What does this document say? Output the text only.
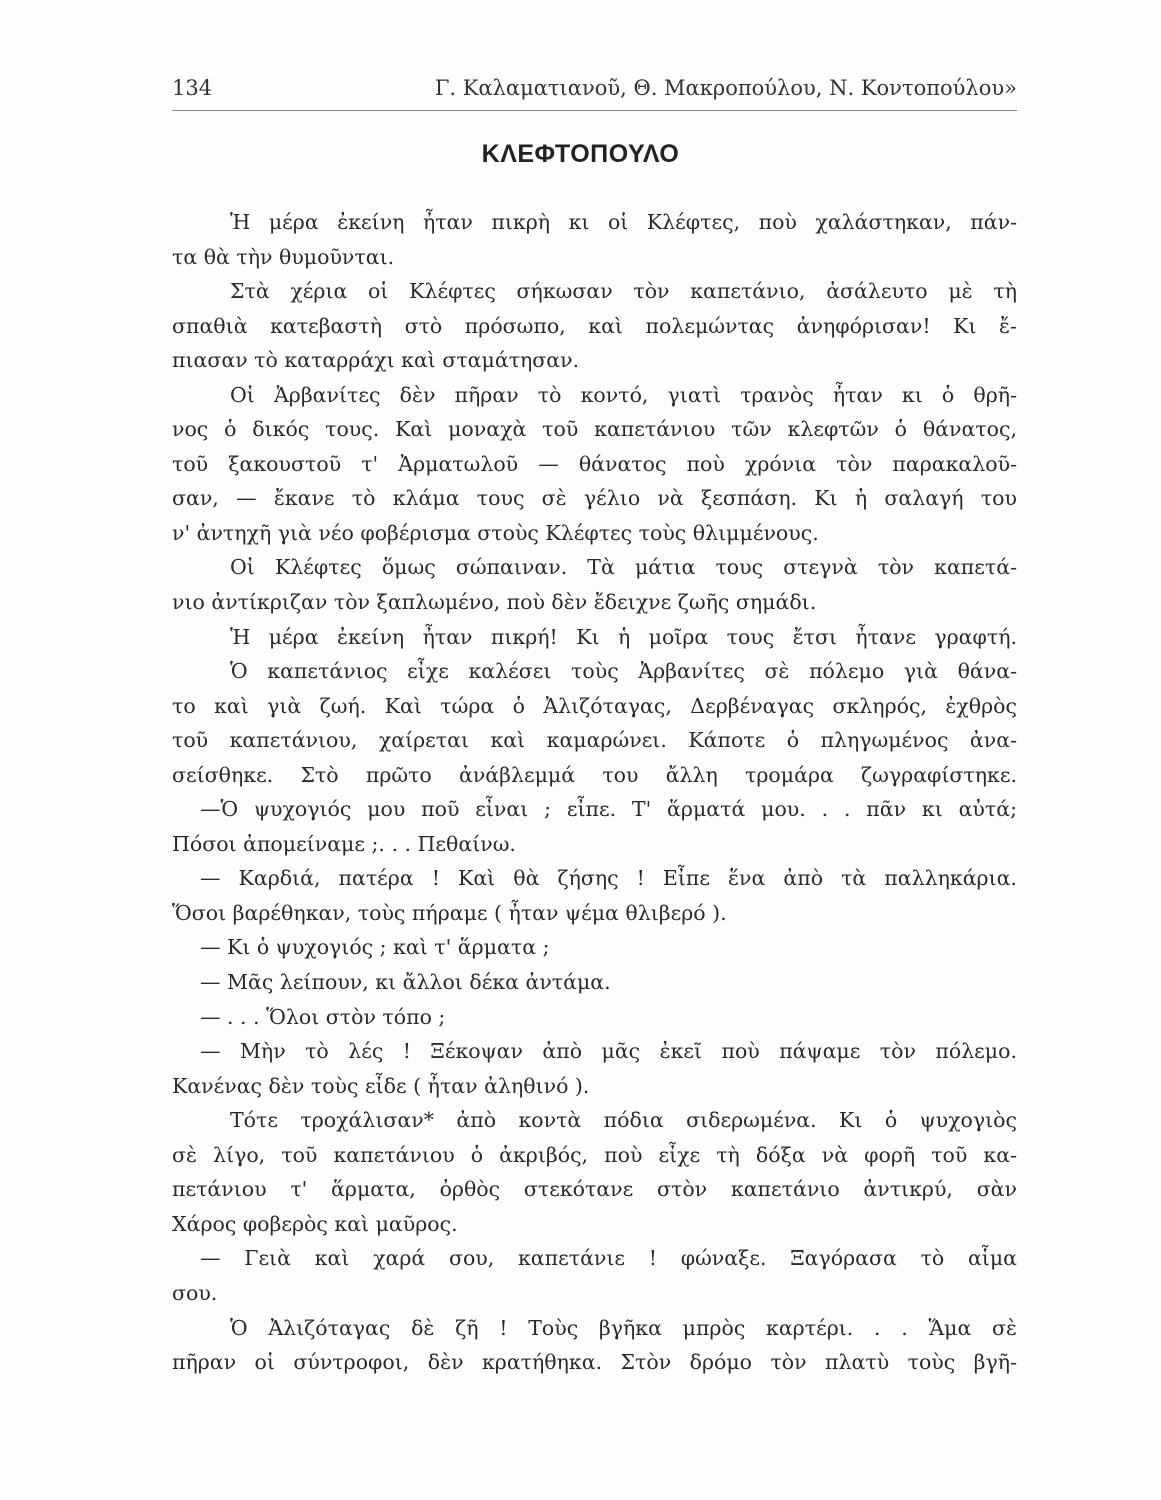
134	Γ. Καλαματιανοῦ, Θ. Μακροπούλου, Ν. Κοντοπούλου»
ΚΛΕΦΤΟΠΟΥΛΟ
Ἡ μέρα ἐκείνη ἦταν πικρὴ κι οἱ Κλέφτες, ποὺ χαλάστηκαν, πάν-
τα θὰ τὴν θυμοῦνται.
Στὰ χέρια οἱ Κλέφτες σήκωσαν τὸν καπετάνιο, ἀσάλευτο μὲ τὴ
σπαθιὰ κατεβαστὴ στὸ πρόσωπο, καὶ πολεμώντας ἀνηφόρισαν! Κι ἔ-
πιασαν τὸ καταρράχι καὶ σταμάτησαν.
Οἱ Ἀρβανίτες δὲν πῆραν τὸ κοντό, γιατὶ τρανὸς ἦταν κι ὁ θρῆ-
νος ὁ δικός τους. Καὶ μοναχὰ τοῦ καπετάνιου τῶν κλεφτῶν ὁ θάνατος,
τοῦ ξακουστοῦ τ' Ἀρματωλοῦ — θάνατος ποὺ χρόνια τὸν παρακαλοῦ-
σαν, — ἔκανε τὸ κλάμα τους σὲ γέλιο νὰ ξεσπάση. Κι ἡ σαλαγή του
ν' ἀντηχῆ γιὰ νέο φοβέρισμα στοὺς Κλέφτες τοὺς θλιμμένους.
Οἱ Κλέφτες ὅμως σώπαιναν. Τὰ μάτια τους στεγνὰ τὸν καπετά-
νιο ἀντίκριζαν τὸν ξαπλωμένο, ποὺ δὲν ἔδειχνε ζωῆς σημάδι.
Ἡ μέρα ἐκείνη ἦταν πικρή! Κι ἡ μοῖρα τους ἔτσι ἦτανε γραφτή.
Ὁ καπετάνιος εἶχε καλέσει τοὺς Ἀρβανίτες σὲ πόλεμο γιὰ θάνα-
το καὶ γιὰ ζωή. Καὶ τώρα ὁ Ἀλιζόταγας, Δερβέναγας σκληρός, ἐχθρὸς
τοῦ καπετάνιου, χαίρεται καὶ καμαρώνει. Κάποτε ὁ πληγωμένος ἀνα-
σείσθηκε. Στὸ πρῶτο ἀνάβλεμμά του ἄλλη τρομάρα ζωγραφίστηκε.
—Ὁ ψυχογιός μου ποῦ εἶναι ; εἶπε. Τ' ἅρματά μου. . . πᾶν κι αὐτά;
Πόσοι ἀπομείναμε ;. . . Πεθαίνω.
— Καρδιά, πατέρα ! Καὶ θὰ ζήσης ! Εἶπε ἕνα ἀπὸ τὰ παλληκάρια.
Ὅσοι βαρέθηκαν, τοὺς πήραμε ( ἦταν ψέμα θλιβερό ).
— Κι ὁ ψυχογιός ; καὶ τ' ἅρματα ;
— Μᾶς λείπουν, κι ἄλλοι δέκα ἀντάμα.
— . . . Ὅλοι στὸν τόπο ;
— Μὴν τὸ λές ! Ξέκοψαν ἀπὸ μᾶς ἐκεῖ ποὺ πάψαμε τὸν πόλεμο.
Κανένας δὲν τοὺς εἶδε ( ἦταν ἀληθινό ).
Τότε τροχάλισαν* ἀπὸ κοντὰ πόδια σιδερωμένα. Κι ὁ ψυχογιὸς
σὲ λίγο, τοῦ καπετάνιου ὁ ἀκριβός, ποὺ εἶχε τὴ δόξα νὰ φορῆ τοῦ κα-
πετάνιου τ' ἅρματα, ὀρθὸς στεκότανε στὸν καπετάνιο ἀντικρύ, σὰν
Χάρος φοβερὸς καὶ μαῦρος.
— Γειὰ καὶ χαρά σου, καπετάνιε ! φώναξε. Ξαγόρασα τὸ αἷμα
σου.
Ὁ Ἀλιζόταγας δὲ ζῆ ! Τοὺς βγῆκα μπρὸς καρτέρι. . . Ἅμα σὲ
πῆραν οἱ σύντροφοι, δὲν κρατήθηκα. Στὸν δρόμο τὸν πλατὺ τοὺς βγῆ-
